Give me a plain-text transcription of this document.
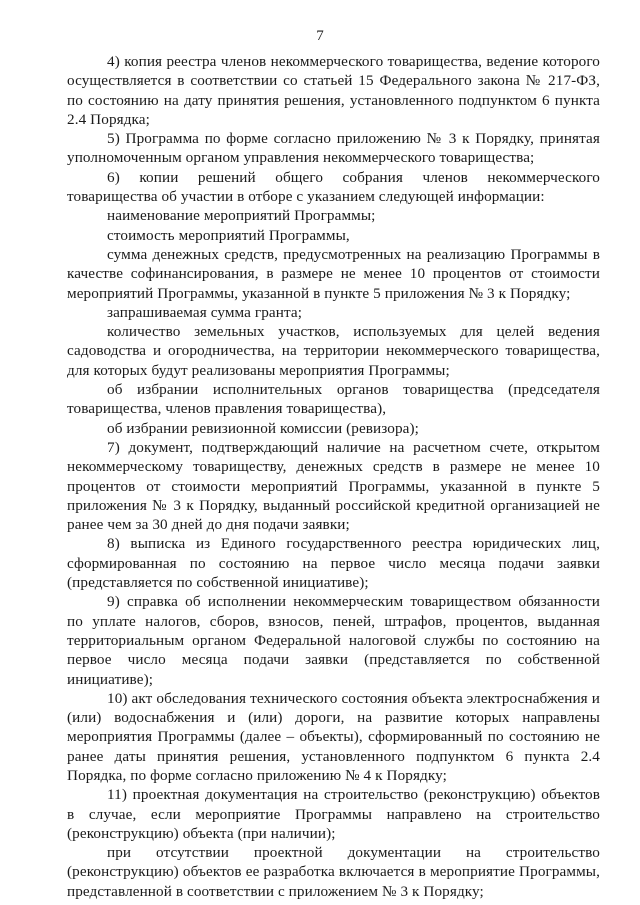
7

4) копия реестра членов некоммерческого товарищества, ведение которого осуществляется в соответствии со статьей 15 Федерального закона № 217-ФЗ, по состоянию на дату принятия решения, установленного подпунктом 6 пункта 2.4 Порядка;

5) Программа по форме согласно приложению № 3 к Порядку, принятая уполномоченным органом управления некоммерческого товарищества;

6) копии решений общего собрания членов некоммерческого товарищества об участии в отборе с указанием следующей информации:

наименование мероприятий Программы;

стоимость мероприятий Программы,

сумма денежных средств, предусмотренных на реализацию Программы в качестве софинансирования, в размере не менее 10 процентов от стоимости мероприятий Программы, указанной в пункте 5 приложения № 3 к Порядку;

запрашиваемая сумма гранта;

количество земельных участков, используемых для целей ведения садоводства и огородничества, на территории некоммерческого товарищества, для которых будут реализованы мероприятия Программы;

об избрании исполнительных органов товарищества (председателя товарищества, членов правления товарищества),

об избрании ревизионной комиссии (ревизора);

7) документ, подтверждающий наличие на расчетном счете, открытом некоммерческому товариществу, денежных средств в размере не менее 10 процентов от стоимости мероприятий Программы, указанной в пункте 5 приложения № 3 к Порядку, выданный российской кредитной организацией не ранее чем за 30 дней до дня подачи заявки;

8) выписка из Единого государственного реестра юридических лиц, сформированная по состоянию на первое число месяца подачи заявки (представляется по собственной инициативе);

9) справка об исполнении некоммерческим товариществом обязанности по уплате налогов, сборов, взносов, пеней, штрафов, процентов, выданная территориальным органом Федеральной налоговой службы по состоянию на первое число месяца подачи заявки (представляется по собственной инициативе);

10) акт обследования технического состояния объекта электроснабжения и (или) водоснабжения и (или) дороги, на развитие которых направлены мероприятия Программы (далее – объекты), сформированный по состоянию не ранее даты принятия решения, установленного подпунктом 6 пункта 2.4 Порядка, по форме согласно приложению № 4 к Порядку;

11) проектная документация на строительство (реконструкцию) объектов в случае, если мероприятие Программы направлено на строительство (реконструкцию) объекта (при наличии);

при отсутствии проектной документации на строительство (реконструкцию) объектов ее разработка включается в мероприятие Программы, представленной в соответствии с приложением № 3 к Порядку;
